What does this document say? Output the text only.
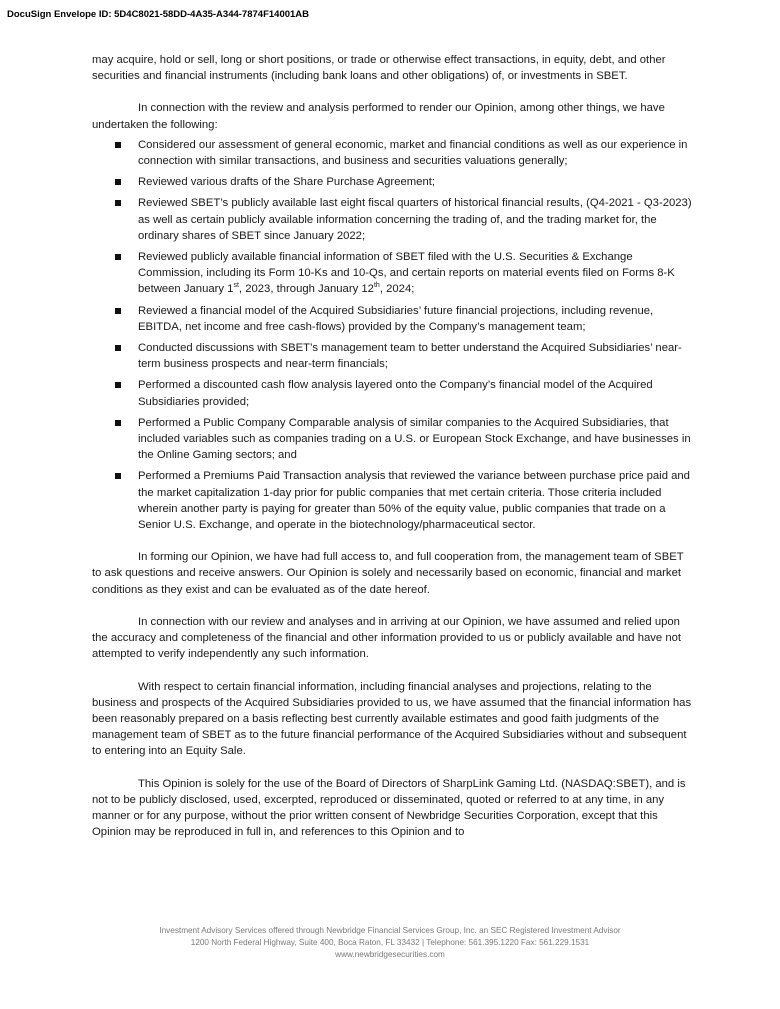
DocuSign Envelope ID: 5D4C8021-58DD-4A35-A344-7874F14001AB

may acquire, hold or sell, long or short positions, or trade or otherwise effect transactions, in equity, debt, and other securities and financial instruments (including bank loans and other obligations) of, or investments in SBET.

In connection with the review and analysis performed to render our Opinion, among other things, we have undertaken the following:

Considered our assessment of general economic, market and financial conditions as well as our experience in connection with similar transactions, and business and securities valuations generally;
Reviewed various drafts of the Share Purchase Agreement;
Reviewed SBET’s publicly available last eight fiscal quarters of historical financial results, (Q4-2021 - Q3-2023) as well as certain publicly available information concerning the trading of, and the trading market for, the ordinary shares of SBET since January 2022;
Reviewed publicly available financial information of SBET filed with the U.S. Securities & Exchange Commission, including its Form 10-Ks and 10-Qs, and certain reports on material events filed on Forms 8-K between January 1st, 2023, through January 12th, 2024;
Reviewed a financial model of the Acquired Subsidiaries’ future financial projections, including revenue, EBITDA, net income and free cash-flows) provided by the Company’s management team;
Conducted discussions with SBET’s management team to better understand the Acquired Subsidiaries’ near-term business prospects and near-term financials;
Performed a discounted cash flow analysis layered onto the Company’s financial model of the Acquired Subsidiaries provided;
Performed a Public Company Comparable analysis of similar companies to the Acquired Subsidiaries, that included variables such as companies trading on a U.S. or European Stock Exchange, and have businesses in the Online Gaming sectors; and
Performed a Premiums Paid Transaction analysis that reviewed the variance between purchase price paid and the market capitalization 1-day prior for public companies that met certain criteria. Those criteria included wherein another party is paying for greater than 50% of the equity value, public companies that trade on a Senior U.S. Exchange, and operate in the biotechnology/pharmaceutical sector.

In forming our Opinion, we have had full access to, and full cooperation from, the management team of SBET to ask questions and receive answers. Our Opinion is solely and necessarily based on economic, financial and market conditions as they exist and can be evaluated as of the date hereof.

In connection with our review and analyses and in arriving at our Opinion, we have assumed and relied upon the accuracy and completeness of the financial and other information provided to us or publicly available and have not attempted to verify independently any such information.

With respect to certain financial information, including financial analyses and projections, relating to the business and prospects of the Acquired Subsidiaries provided to us, we have assumed that the financial information has been reasonably prepared on a basis reflecting best currently available estimates and good faith judgments of the management team of SBET as to the future financial performance of the Acquired Subsidiaries without and subsequent to entering into an Equity Sale.

This Opinion is solely for the use of the Board of Directors of SharpLink Gaming Ltd. (NASDAQ:SBET), and is not to be publicly disclosed, used, excerpted, reproduced or disseminated, quoted or referred to at any time, in any manner or for any purpose, without the prior written consent of Newbridge Securities Corporation, except that this Opinion may be reproduced in full in, and references to this Opinion and to

Investment Advisory Services offered through Newbridge Financial Services Group, Inc. an SEC Registered Investment Advisor
1200 North Federal Highway, Suite 400, Boca Raton, FL 33432 | Telephone: 561.395.1220 Fax: 561.229.1531
www.newbridgesecurities.com
